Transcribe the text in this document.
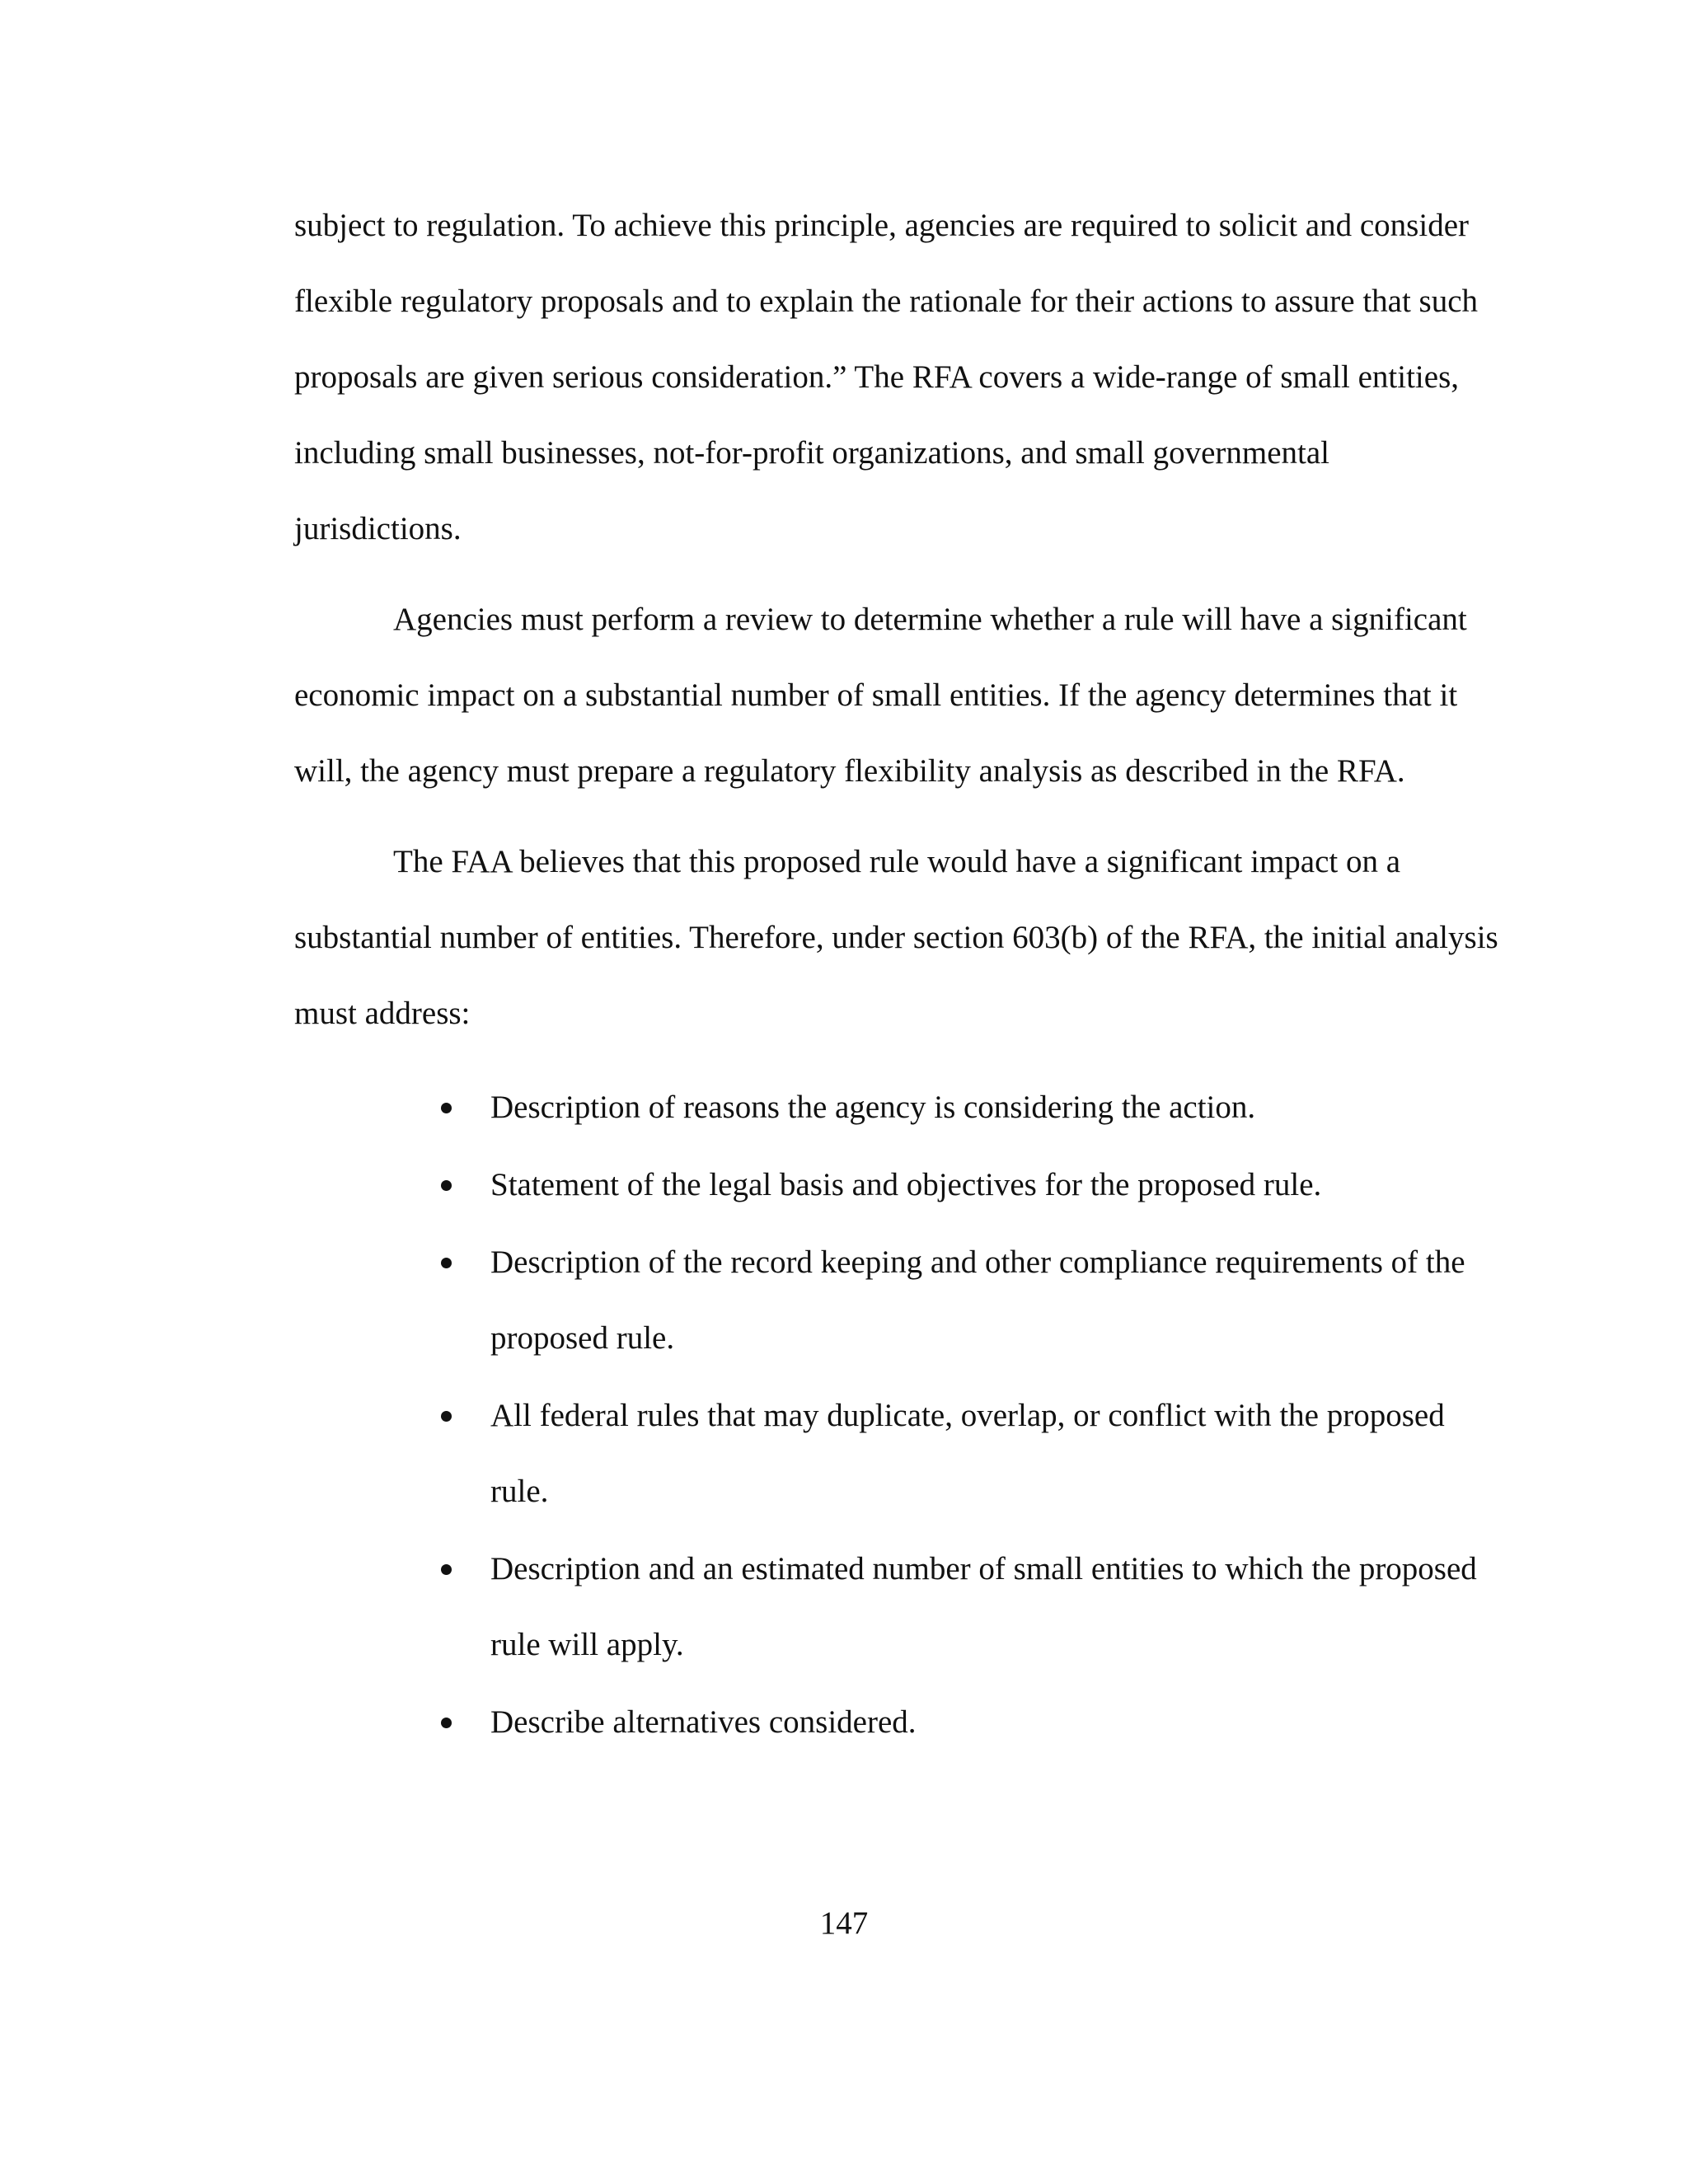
subject to regulation. To achieve this principle, agencies are required to solicit and consider flexible regulatory proposals and to explain the rationale for their actions to assure that such proposals are given serious consideration.” The RFA covers a wide-range of small entities, including small businesses, not-for-profit organizations, and small governmental jurisdictions.

Agencies must perform a review to determine whether a rule will have a significant economic impact on a substantial number of small entities. If the agency determines that it will, the agency must prepare a regulatory flexibility analysis as described in the RFA.

The FAA believes that this proposed rule would have a significant impact on a substantial number of entities. Therefore, under section 603(b) of the RFA, the initial analysis must address:

Description of reasons the agency is considering the action.
Statement of the legal basis and objectives for the proposed rule.
Description of the record keeping and other compliance requirements of the proposed rule.
All federal rules that may duplicate, overlap, or conflict with the proposed rule.
Description and an estimated number of small entities to which the proposed rule will apply.
Describe alternatives considered.
147
